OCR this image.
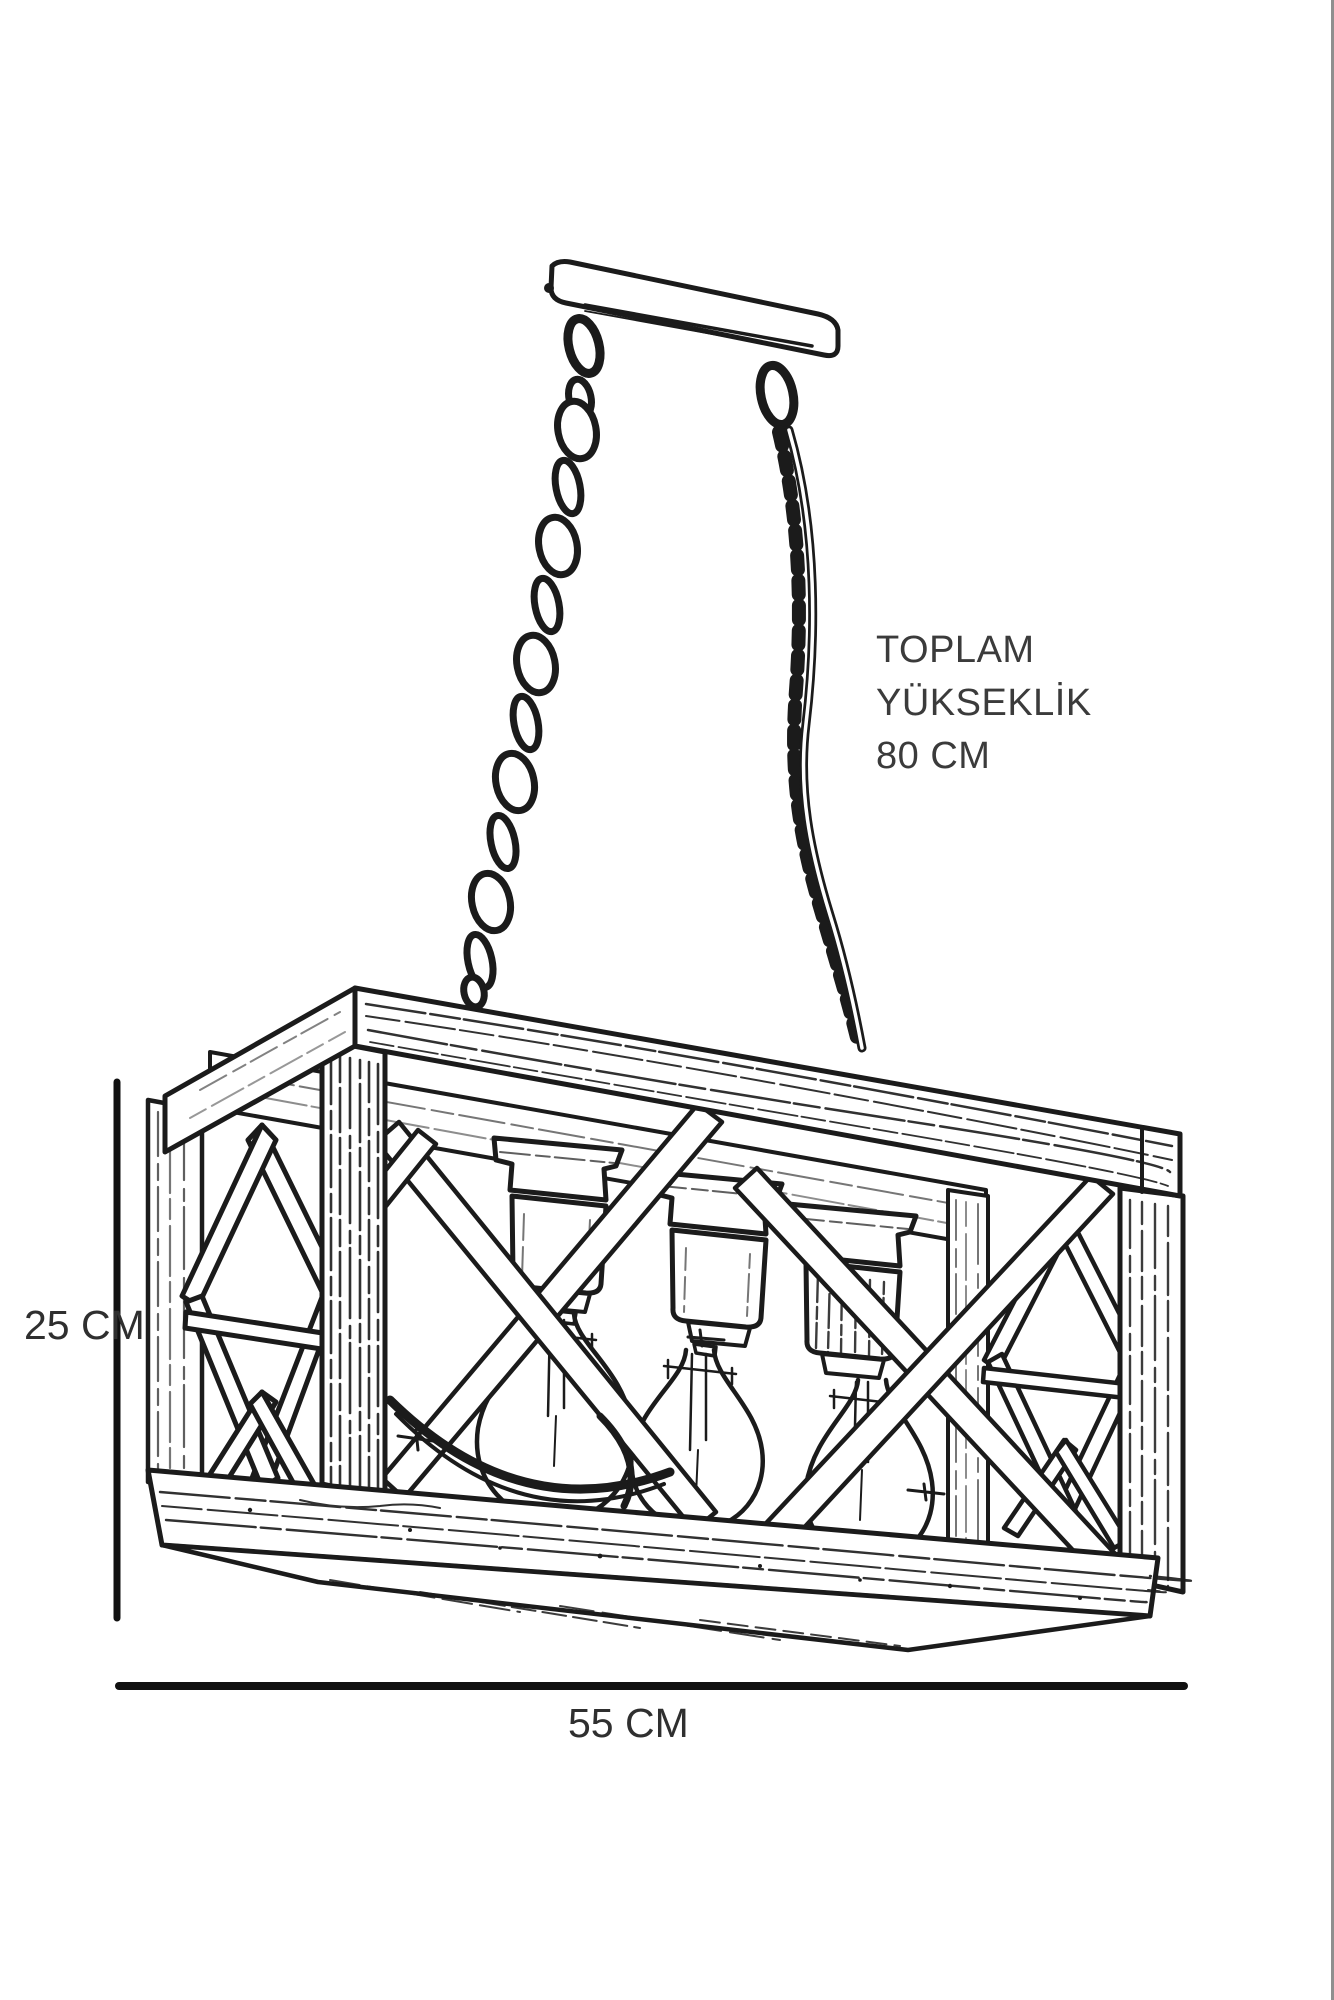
TOPLAM
YÜKSEKLİK
80 CM
25 CM
55 CM
